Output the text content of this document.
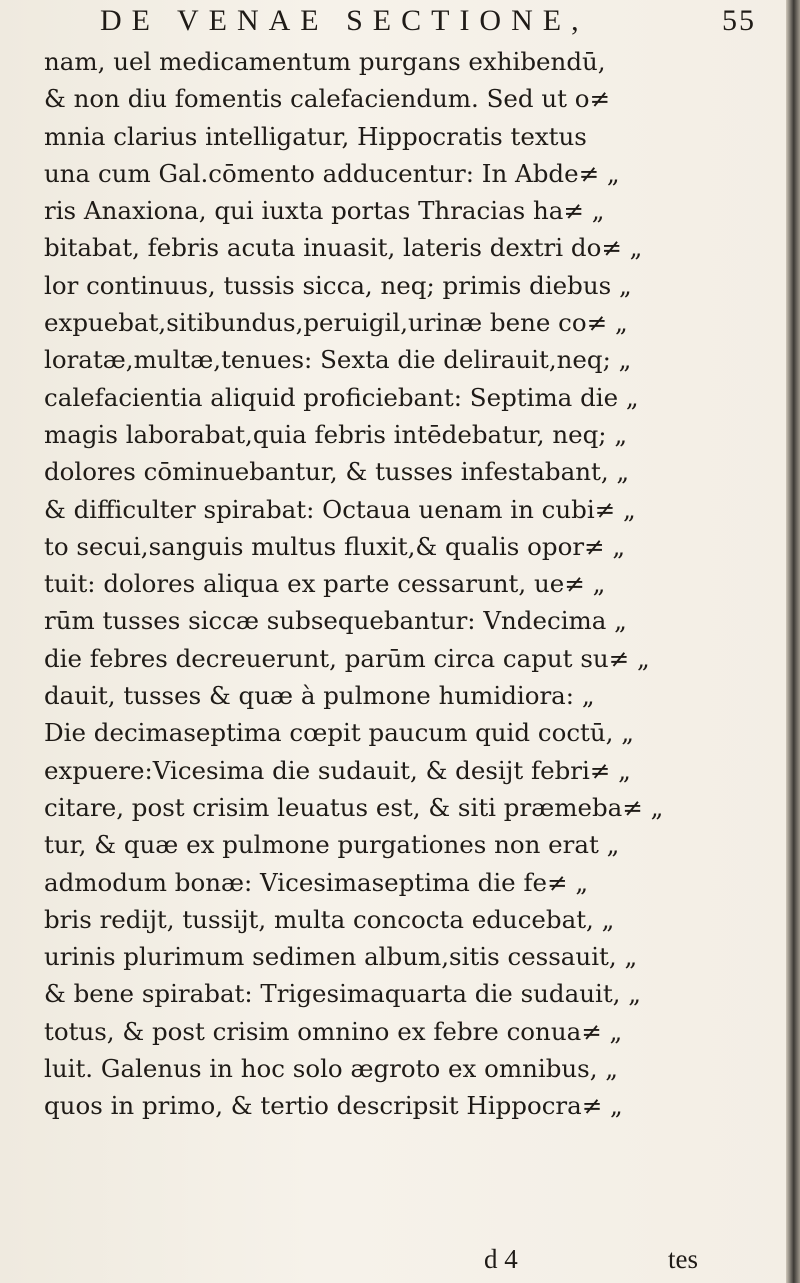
DE VENAE SECTIONE,	55
nam, uel medicamentum purgans exhibendū,
& non diu fomentis calefaciendum. Sed ut o≠
mnia clarius intelligatur, Hippocratis textus
una cum Gal.cōmento adducentur: In Abde≠ „
ris Anaxiona, qui iuxta portas Thracias ha≠ „
bitabat, febris acuta inuasit, lateris dextri do≠ „
lor continuus, tussis sicca, neq; primis diebus „
expuebat,sitibundus,peruigil,urinæ bene co≠ „
loratæ,multæ,tenues: Sexta die delirauit,neq; „
calefacientia aliquid proficiebant: Septima die „
magis laborabat,quia febris intēdebatur, neq; „
dolores cōminuebantur, & tusses infestabant, „
& difficulter spirabat: Octaua uenam in cubi≠ „
to secui,sanguis multus fluxit,& qualis opor≠ „
tuit: dolores aliqua ex parte cessarunt, ue≠ „
rūm tusses siccæ subsequebantur: Vndecima „
die febres decreuerunt, parūm circa caput su≠ „
dauit, tusses & quæ à pulmone humidiora: „
Die decimaseptima cœpit paucum quid coctū, „
expuere:Vicesima die sudauit, & desijt febri≠ „
citare, post crisim leuatus est, & siti præmeba≠ „
tur, & quæ ex pulmone purgationes non erat „
admodum bonæ: Vicesimaseptima die fe≠ „
bris redijt, tussijt, multa concocta educebat, „
urinis plurimum sedimen album,sitis cessauit, „
& bene spirabat: Trigesimaquarta die sudauit, „
totus, & post crisim omnino ex febre conua≠ „
luit. Galenus in hoc solo ægroto ex omnibus, „
quos in primo, & tertio descripsit Hippocra≠ „
d 4	tes
